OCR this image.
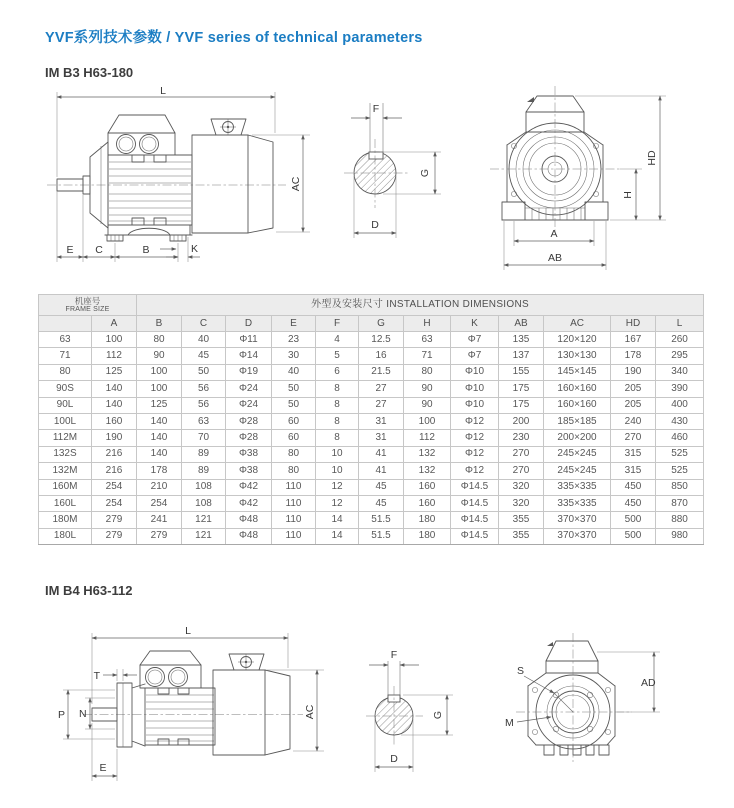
YVF系列技术参数 / YVF series of technical parameters
IM B3 H63-180
IM B4 H63-112
L
AC
E C	B	K
F
G
D
HD
H
A
AB
机座号
FRAME SIZE		外型及安装尺寸 INSTALLATION DIMENSIONS											
	A	B	C	D	E	F	G	H	K	AB	AC	HD	L
63	100	80	40	Φ11	23	4	12.5	63	Φ7	135	120×120	167	260
71	112	90	45	Φ14	30	5	16	71	Φ7	137	130×130	178	295
80	125	100	50	Φ19	40	6	21.5	80	Φ10	155	145×145	190	340
90S	140	100	56	Φ24	50	8	27	90	Φ10	175	160×160	205	390
90L	140	125	56	Φ24	50	8	27	90	Φ10	175	160×160	205	400
100L	160	140	63	Φ28	60	8	31	100	Φ12	200	185×185	240	430
112M	190	140	70	Φ28	60	8	31	112	Φ12	230	200×200	270	460
132S	216	140	89	Φ38	80	10	41	132	Φ12	270	245×245	315	525
132M	216	178	89	Φ38	80	10	41	132	Φ12	270	245×245	315	525
160M	254	210	108	Φ42	110	12	45	160	Φ14.5	320	335×335	450	850
160L	254	254	108	Φ42	110	12	45	160	Φ14.5	320	335×335	450	870
180M	279	241	121	Φ48	110	14	51.5	180	Φ14.5	355	370×370	500	880
180L	279	279	121	Φ48	110	14	51.5	180	Φ14.5	355	370×370	500	980
L
AC
T
P N
E
F
G
D
S
M
AD
